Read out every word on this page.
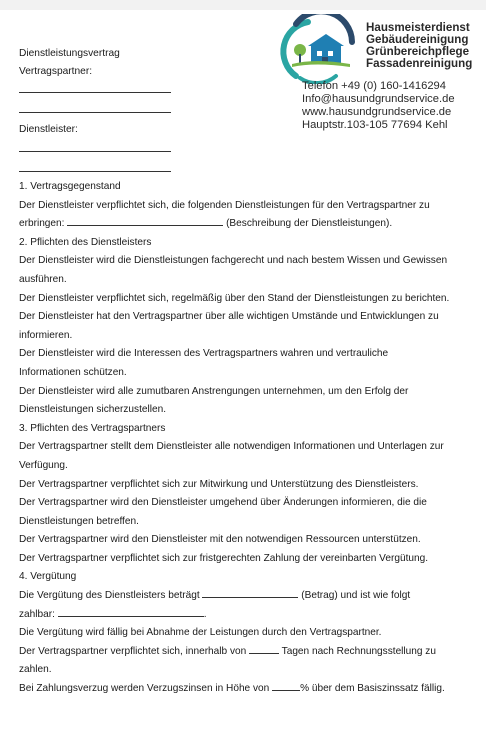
Dienstleistungsvertrag
Vertragspartner:
Dienstleister:
Hausmeisterdienst
Gebäudereinigung
Grünbereichpflege
Fassadenreinigung
Telefon +49 (0) 160-1416294
Info@hausundgrundservice.de
www.hausundgrundservice.de
Hauptstr.103-105 77694 Kehl

1. Vertragsgegenstand

Der Dienstleister verpflichtet sich, die folgenden Dienstleistungen für den Vertragspartner zu

erbringen:	(Beschreibung der Dienstleistungen).

2. Pflichten des Dienstleisters

Der Dienstleister wird die Dienstleistungen fachgerecht und nach bestem Wissen und Gewissen

ausführen.

Der Dienstleister verpflichtet sich, regelmäßig über den Stand der Dienstleistungen zu berichten.

Der Dienstleister hat den Vertragspartner über alle wichtigen Umstände und Entwicklungen zu

informieren.

Der Dienstleister wird die Interessen des Vertragspartners wahren und vertrauliche

Informationen schützen.

Der Dienstleister wird alle zumutbaren Anstrengungen unternehmen, um den Erfolg der

Dienstleistungen sicherzustellen.

3. Pflichten des Vertragspartners

Der Vertragspartner stellt dem Dienstleister alle notwendigen Informationen und Unterlagen zur

Verfügung.

Der Vertragspartner verpflichtet sich zur Mitwirkung und Unterstützung des Dienstleisters.

Der Vertragspartner wird den Dienstleister umgehend über Änderungen informieren, die die

Dienstleistungen betreffen.

Der Vertragspartner wird den Dienstleister mit den notwendigen Ressourcen unterstützen.

Der Vertragspartner verpflichtet sich zur fristgerechten Zahlung der vereinbarten Vergütung.

4. Vergütung

Die Vergütung des Dienstleisters beträgt	(Betrag) und ist wie folgt

zahlbar:	.

Die Vergütung wird fällig bei Abnahme der Leistungen durch den Vertragspartner.

Der Vertragspartner verpflichtet sich, innerhalb von	Tagen nach Rechnungsstellung zu

zahlen.

Bei Zahlungsverzug werden Verzugszinsen in Höhe von	% über dem Basiszinssatz fällig.
